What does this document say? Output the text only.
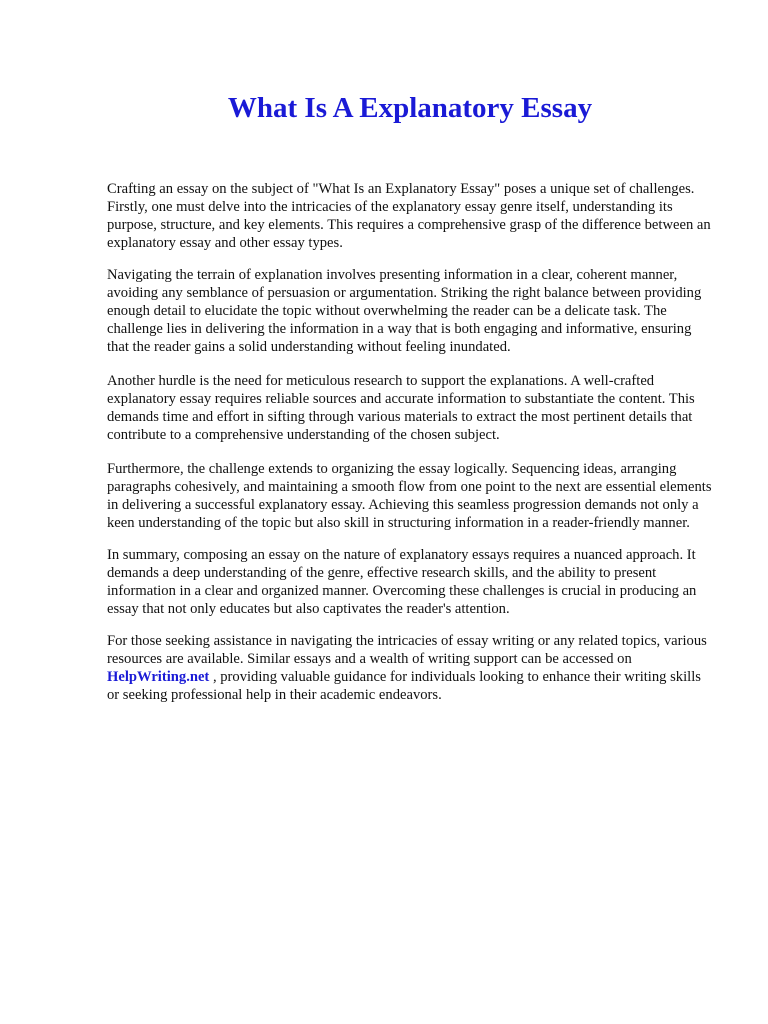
What Is A Explanatory Essay

Crafting an essay on the subject of "What Is an Explanatory Essay" poses a unique set of challenges. Firstly, one must delve into the intricacies of the explanatory essay genre itself, understanding its purpose, structure, and key elements. This requires a comprehensive grasp of the difference between an explanatory essay and other essay types.

Navigating the terrain of explanation involves presenting information in a clear, coherent manner, avoiding any semblance of persuasion or argumentation. Striking the right balance between providing enough detail to elucidate the topic without overwhelming the reader can be a delicate task. The challenge lies in delivering the information in a way that is both engaging and informative, ensuring that the reader gains a solid understanding without feeling inundated.

Another hurdle is the need for meticulous research to support the explanations. A well-crafted explanatory essay requires reliable sources and accurate information to substantiate the content. This demands time and effort in sifting through various materials to extract the most pertinent details that contribute to a comprehensive understanding of the chosen subject.

Furthermore, the challenge extends to organizing the essay logically. Sequencing ideas, arranging paragraphs cohesively, and maintaining a smooth flow from one point to the next are essential elements in delivering a successful explanatory essay. Achieving this seamless progression demands not only a keen understanding of the topic but also skill in structuring information in a reader-friendly manner.

In summary, composing an essay on the nature of explanatory essays requires a nuanced approach. It demands a deep understanding of the genre, effective research skills, and the ability to present information in a clear and organized manner. Overcoming these challenges is crucial in producing an essay that not only educates but also captivates the reader's attention.

For those seeking assistance in navigating the intricacies of essay writing or any related topics, various resources are available. Similar essays and a wealth of writing support can be accessed on HelpWriting.net , providing valuable guidance for individuals looking to enhance their writing skills or seeking professional help in their academic endeavors.
